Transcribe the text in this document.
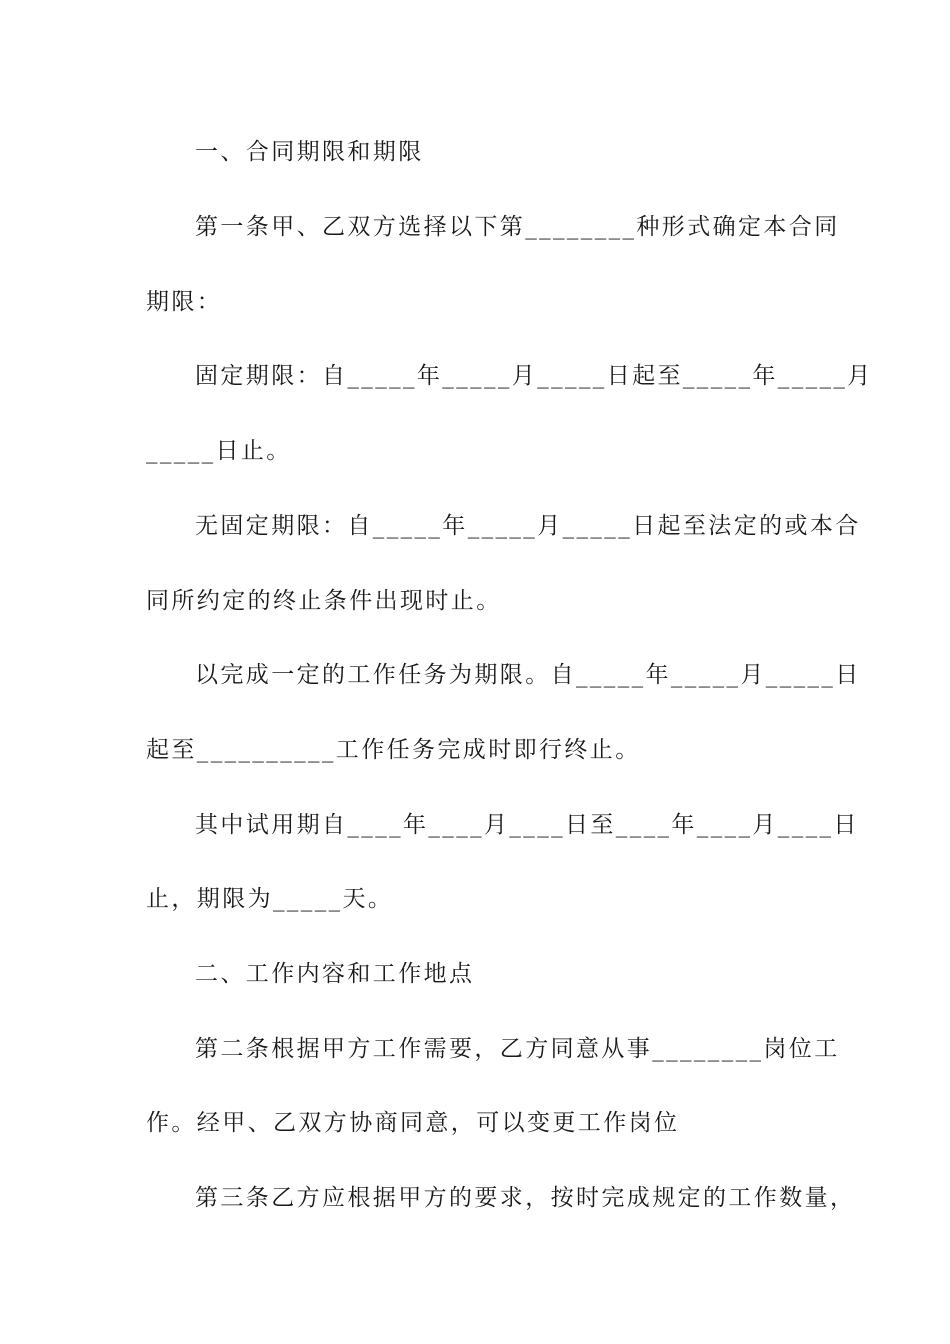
一、合同期限和期限
第一条甲、乙双方选择以下第________种形式确定本合同
期限：
固定期限：自_____年_____月_____日起至_____年_____月
_____日止。
无固定期限：自_____年_____月_____日起至法定的或本合
同所约定的终止条件出现时止。
以完成一定的工作任务为期限。自_____年_____月_____日
起至__________工作任务完成时即行终止。
其中试用期自____年____月____日至____年____月____日
止，期限为_____天。
二、工作内容和工作地点
第二条根据甲方工作需要，乙方同意从事________岗位工
作。经甲、乙双方协商同意，可以变更工作岗位
第三条乙方应根据甲方的要求，按时完成规定的工作数量，
